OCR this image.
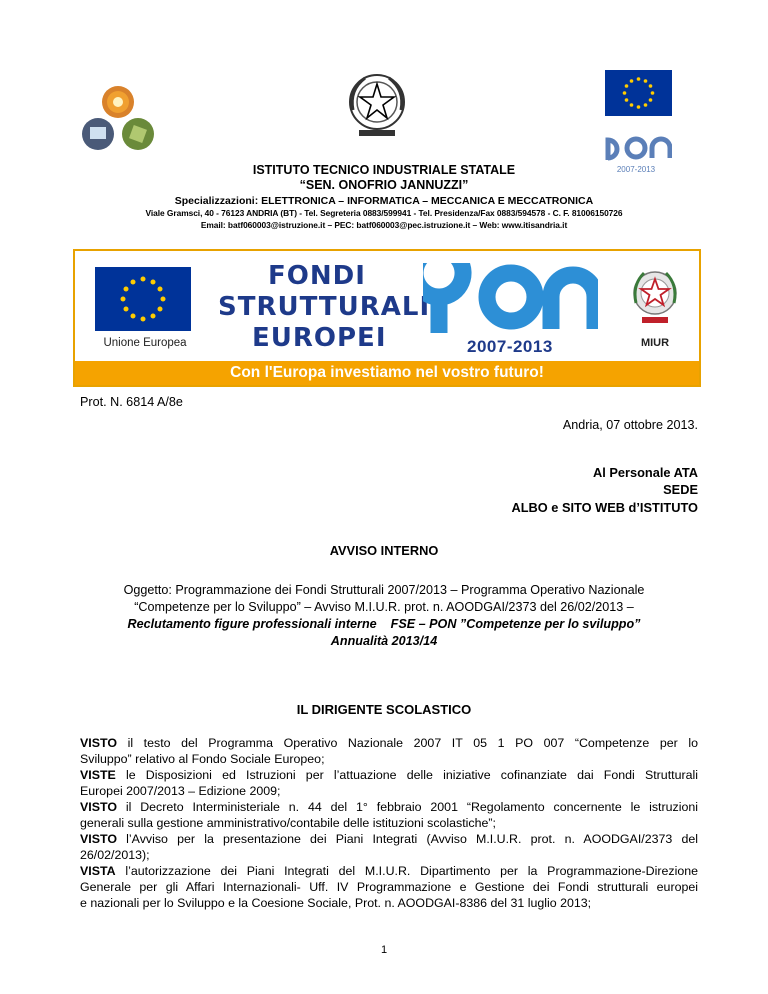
2007-2013
ISTITUTO TECNICO INDUSTRIALE STATALE
“SEN. ONOFRIO JANNUZZI”
Specializzazioni: ELETTRONICA – INFORMATICA – MECCANICA E MECCATRONICA
Viale Gramsci, 40 - 76123 ANDRIA (BT) - Tel. Segreteria 0883/599941 - Tel. Presidenza/Fax 0883/594578 - C. F. 81006150726
Email: batf060003@istruzione.it – PEC: batf060003@pec.istruzione.it – Web: www.itisandria.it
Unione Europea
FONDI
STRUTTURALI
EUROPEI	2007-2013	MIUR
Con l'Europa investiamo nel vostro futuro!
Prot. N. 6814 A/8e
Andria, 07 ottobre 2013.
Al Personale ATA
SEDE
ALBO e SITO WEB d’ISTITUTO
AVVISO INTERNO
Oggetto: Programmazione dei Fondi Strutturali 2007/2013 – Programma Operativo Nazionale
“Competenze per lo Sviluppo” – Avviso M.I.U.R. prot. n. AOODGAI/2373 del 26/02/2013 –
Reclutamento figure professionali interne    FSE – PON ”Competenze per lo sviluppo”
Annualità 2013/14
IL DIRIGENTE SCOLASTICO
VISTO il testo del Programma Operativo Nazionale 2007 IT 05 1 PO 007 “Competenze per lo
Sviluppo” relativo al Fondo Sociale Europeo;
VISTE le Disposizioni ed Istruzioni per l’attuazione delle iniziative cofinanziate dai Fondi Strutturali
Europei 2007/2013 – Edizione 2009;
VISTO il Decreto Interministeriale n. 44 del 1° febbraio 2001 “Regolamento concernente le istruzioni
generali sulla gestione amministrativo/contabile delle istituzioni scolastiche”;
VISTO l’Avviso per la presentazione dei Piani Integrati (Avviso M.I.U.R. prot. n. AOODGAI/2373 del
26/02/2013);
VISTA l’autorizzazione dei Piani Integrati del M.I.U.R. Dipartimento per la Programmazione-Direzione
Generale per gli Affari Internazionali- Uff. IV Programmazione e Gestione dei Fondi strutturali europei
e nazionali per lo Sviluppo e la Coesione Sociale, Prot. n. AOODGAI-8386 del 31 luglio 2013;
1
